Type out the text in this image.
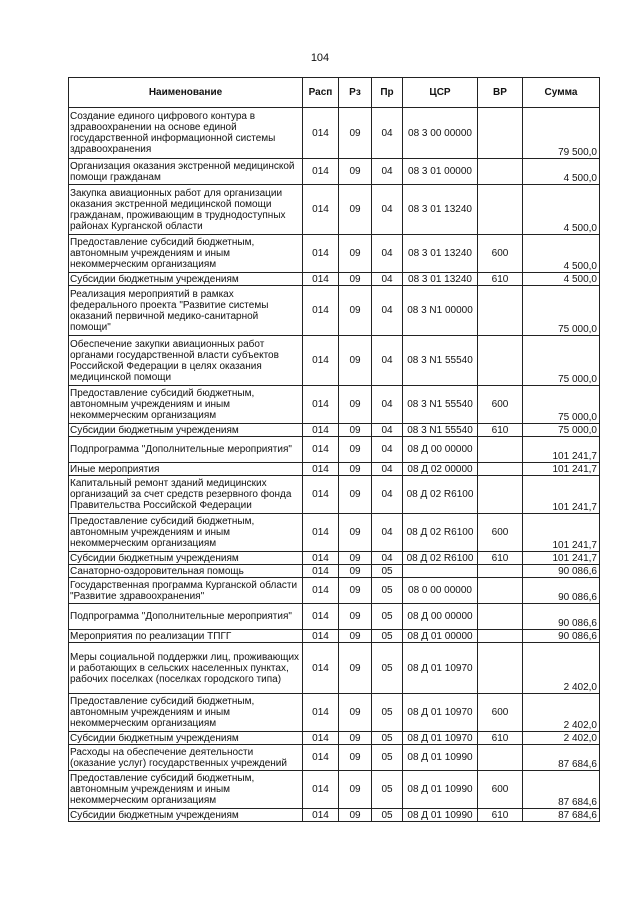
104
Наименование	Расп	Рз	Пр	ЦСР	ВР	Сумма
Создание единого цифрового контура в здравоохранении на основе единой государственной информационной системы здравоохранения	014	09	04	08 3 00 00000		79 500,0
Организация оказания экстренной медицинской помощи гражданам	014	09	04	08 3 01 00000		4 500,0
Закупка авиационных работ для организации оказания экстренной медицинской помощи гражданам, проживающим в труднодоступных районах Курганской области	014	09	04	08 3 01 13240		4 500,0
Предоставление субсидий бюджетным, автономным учреждениям и иным некоммерческим организациям	014	09	04	08 3 01 13240	600	4 500,0
Субсидии бюджетным учреждениям	014	09	04	08 3 01 13240	610	4 500,0
Реализация мероприятий в рамках федерального проекта "Развитие системы оказаний первичной медико-санитарной помощи"	014	09	04	08 3 N1 00000		75 000,0
Обеспечение закупки авиационных работ органами государственной власти субъектов Российской Федерации в целях оказания медицинской помощи	014	09	04	08 3 N1 55540		75 000,0
Предоставление субсидий бюджетным, автономным учреждениям и иным некоммерческим организациям	014	09	04	08 3 N1 55540	600	75 000,0
Субсидии бюджетным учреждениям	014	09	04	08 3 N1 55540	610	75 000,0
Подпрограмма "Дополнительные мероприятия"	014	09	04	08 Д 00 00000		101 241,7
Иные мероприятия	014	09	04	08 Д 02 00000		101 241,7
Капитальный ремонт зданий медицинских организаций за счет средств резервного фонда Правительства Российской Федерации	014	09	04	08 Д 02 R6100		101 241,7
Предоставление субсидий бюджетным, автономным учреждениям и иным некоммерческим организациям	014	09	04	08 Д 02 R6100	600	101 241,7
Субсидии бюджетным учреждениям	014	09	04	08 Д 02 R6100	610	101 241,7
Санаторно-оздоровительная помощь	014	09	05			90 086,6
Государственная программа Курганской области "Развитие здравоохранения"	014	09	05	08 0 00 00000		90 086,6
Подпрограмма "Дополнительные мероприятия"	014	09	05	08 Д 00 00000		90 086,6
Мероприятия по реализации ТПГГ	014	09	05	08 Д 01 00000		90 086,6
Меры социальной поддержки лиц, проживающих и работающих в сельских населенных пунктах, рабочих поселках (поселках городского типа)	014	09	05	08 Д 01 10970		2 402,0
Предоставление субсидий бюджетным, автономным учреждениям и иным некоммерческим организациям	014	09	05	08 Д 01 10970	600	2 402,0
Субсидии бюджетным учреждениям	014	09	05	08 Д 01 10970	610	2 402,0
Расходы на обеспечение деятельности (оказание услуг) государственных учреждений	014	09	05	08 Д 01 10990		87 684,6
Предоставление субсидий бюджетным, автономным учреждениям и иным некоммерческим организациям	014	09	05	08 Д 01 10990	600	87 684,6
Субсидии бюджетным учреждениям	014	09	05	08 Д 01 10990	610	87 684,6
